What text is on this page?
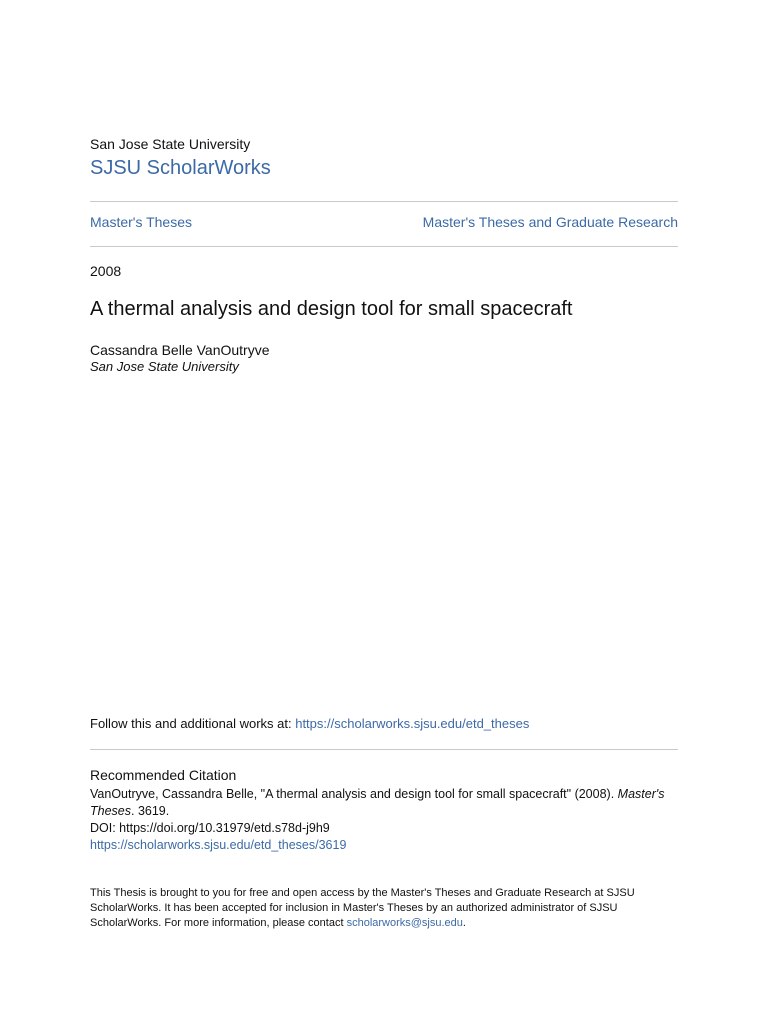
San Jose State University
SJSU ScholarWorks
Master's Theses	Master's Theses and Graduate Research
2008
A thermal analysis and design tool for small spacecraft
Cassandra Belle VanOutryve
San Jose State University
Follow this and additional works at: https://scholarworks.sjsu.edu/etd_theses
Recommended Citation
VanOutryve, Cassandra Belle, "A thermal analysis and design tool for small spacecraft" (2008). Master's Theses. 3619.
DOI: https://doi.org/10.31979/etd.s78d-j9h9
https://scholarworks.sjsu.edu/etd_theses/3619
This Thesis is brought to you for free and open access by the Master's Theses and Graduate Research at SJSU ScholarWorks. It has been accepted for inclusion in Master's Theses by an authorized administrator of SJSU ScholarWorks. For more information, please contact scholarworks@sjsu.edu.
